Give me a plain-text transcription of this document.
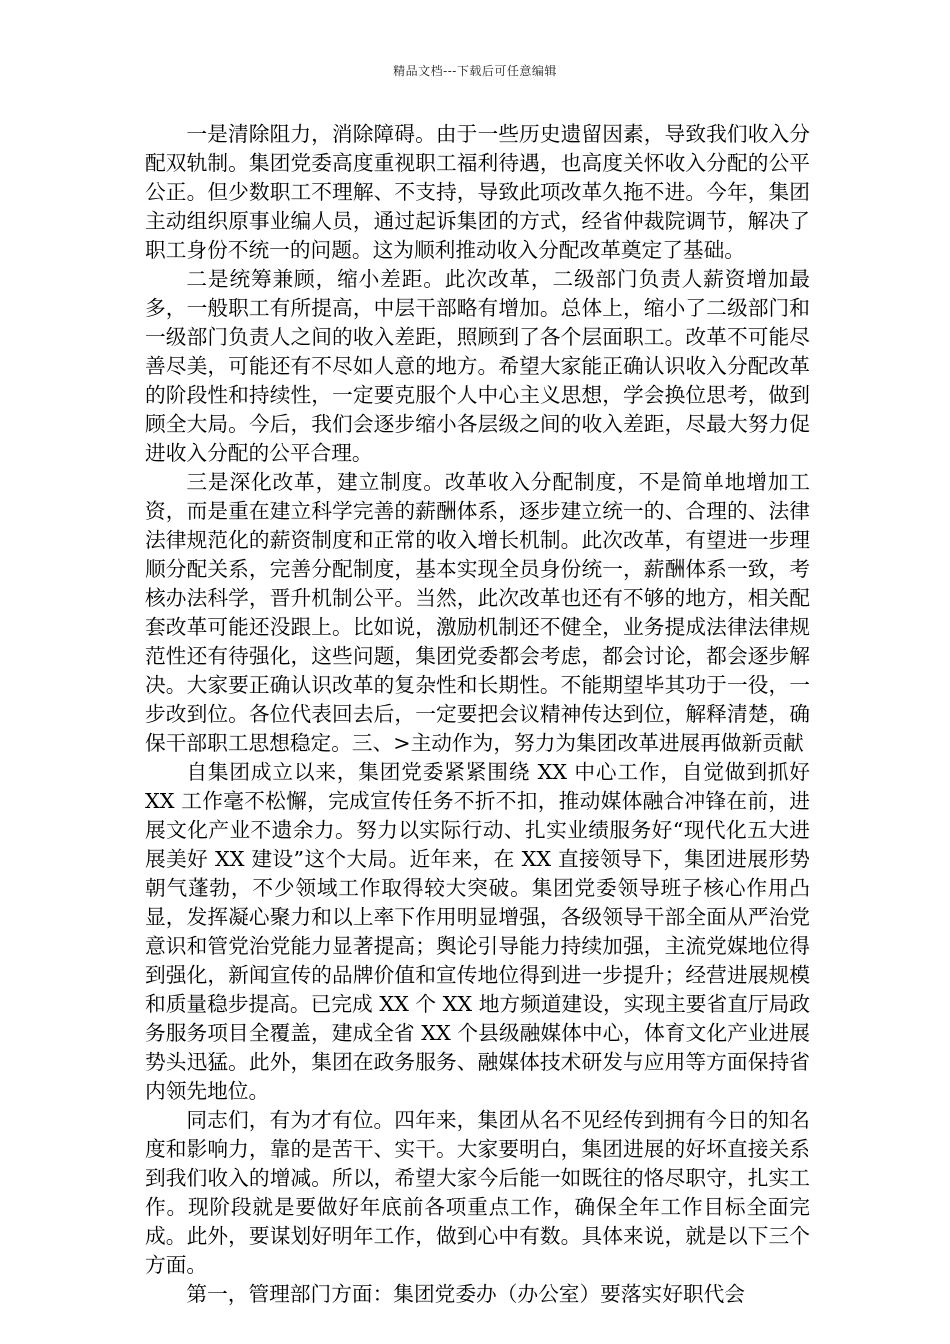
精品文档---下载后可任意编辑

一是清除阻力，消除障碍。由于一些历史遗留因素，导致我们收入分配双轨制。集团党委高度重视职工福利待遇，也高度关怀收入分配的公平公正。但少数职工不理解、不支持，导致此项改革久拖不进。今年，集团主动组织原事业编人员，通过起诉集团的方式，经省仲裁院调节，解决了职工身份不统一的问题。这为顺利推动收入分配改革奠定了基础。

二是统筹兼顾，缩小差距。此次改革，二级部门负责人薪资增加最多，一般职工有所提高，中层干部略有增加。总体上，缩小了二级部门和一级部门负责人之间的收入差距，照顾到了各个层面职工。改革不可能尽善尽美，可能还有不尽如人意的地方。希望大家能正确认识收入分配改革的阶段性和持续性，一定要克服个人中心主义思想，学会换位思考，做到顾全大局。今后，我们会逐步缩小各层级之间的收入差距，尽最大努力促进收入分配的公平合理。

三是深化改革，建立制度。改革收入分配制度，不是简单地增加工资，而是重在建立科学完善的薪酬体系，逐步建立统一的、合理的、法律法律规范化的薪资制度和正常的收入增长机制。此次改革，有望进一步理顺分配关系，完善分配制度，基本实现全员身份统一，薪酬体系一致，考核办法科学，晋升机制公平。当然，此次改革也还有不够的地方，相关配套改革可能还没跟上。比如说，激励机制还不健全，业务提成法律法律规范性还有待强化，这些问题，集团党委都会考虑，都会讨论，都会逐步解决。大家要正确认识改革的复杂性和长期性。不能期望毕其功于一役，一步改到位。各位代表回去后，一定要把会议精神传达到位，解释清楚，确保干部职工思想稳定。三、>主动作为，努力为集团改革进展再做新贡献

自集团成立以来，集团党委紧紧围绕 XX 中心工作，自觉做到抓好 XX 工作毫不松懈，完成宣传任务不折不扣，推动媒体融合冲锋在前，进展文化产业不遗余力。努力以实际行动、扎实业绩服务好“现代化五大进展美好 XX 建设”这个大局。近年来，在 XX 直接领导下，集团进展形势朝气蓬勃，不少领域工作取得较大突破。集团党委领导班子核心作用凸显，发挥凝心聚力和以上率下作用明显增强，各级领导干部全面从严治党意识和管党治党能力显著提高；舆论引导能力持续加强，主流党媒地位得到强化，新闻宣传的品牌价值和宣传地位得到进一步提升；经营进展规模和质量稳步提高。已完成 XX 个 XX 地方频道建设，实现主要省直厅局政务服务项目全覆盖，建成全省 XX 个县级融媒体中心，体育文化产业进展势头迅猛。此外，集团在政务服务、融媒体技术研发与应用等方面保持省内领先地位。

同志们，有为才有位。四年来，集团从名不见经传到拥有今日的知名度和影响力，靠的是苦干、实干。大家要明白，集团进展的好坏直接关系到我们收入的增减。所以，希望大家今后能一如既往的恪尽职守，扎实工作。现阶段就是要做好年底前各项重点工作，确保全年工作目标全面完成。此外，要谋划好明年工作，做到心中有数。具体来说，就是以下三个方面。

第一，管理部门方面：集团党委办（办公室）要落实好职代会
